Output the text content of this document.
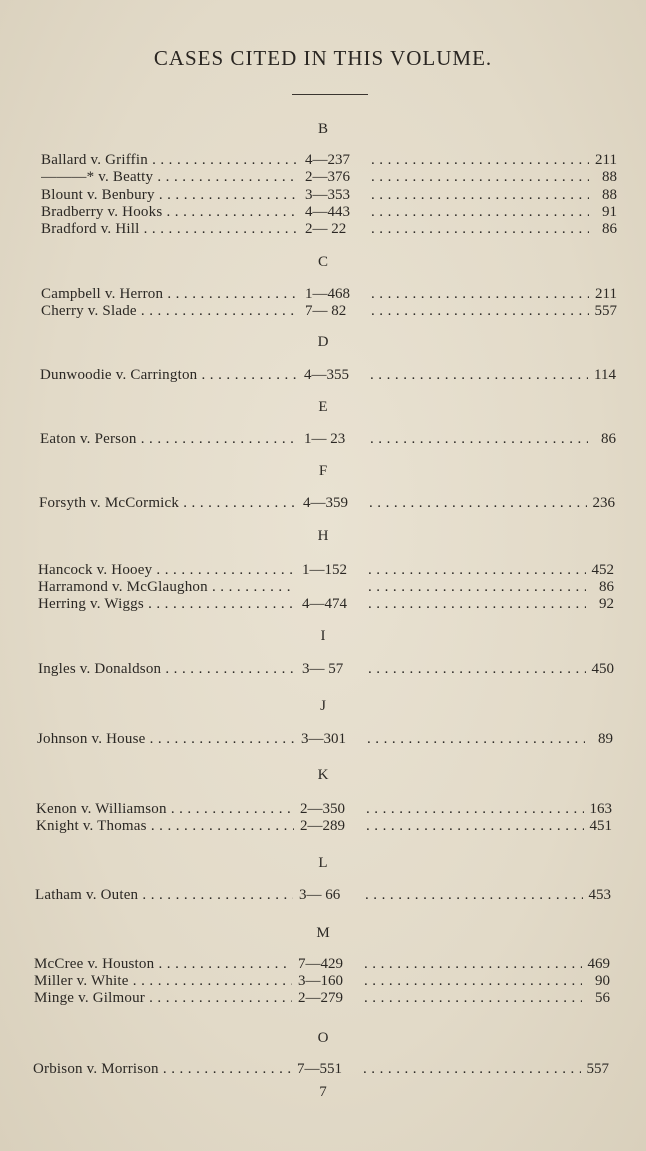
CASES CITED IN THIS VOLUME.
B
Ballard v. Griffin . . .	4—237 . . .	211
———* v. Beatty . . .	2—376 . . .	88
Blount v. Benbury . . .	3—353 . . .	88
Bradberry v. Hooks . . .	4—443 . . .	91
Bradford v. Hill . . .	2— 22 . . .	86
C
Campbell v. Herron . . .	1—468 . . .	211
Cherry v. Slade . . .	7— 82 . . .	557
D
Dunwoodie v. Carrington . . .	4—355 . . .	114
E
Eaton v. Person . . .	1— 23 . . .	86
F
Forsyth v. McCormick . . .	4—359 . . .	236
H
Hancock v. Hooey . . .	1—152 . . .	452
Harramond v. McGlaughon . . . . . .	86
Herring v. Wiggs . . .	4—474 . . .	92
I
Ingles v. Donaldson . . .	3— 57 . . .	450
J
Johnson v. House . . .	3—301 . . .	89
K
Kenon v. Williamson . . .	2—350 . . .	163
Knight v. Thomas . . .	2—289 . . .	451
L
Latham v. Outen . . .	3— 66 . . .	453
M
McCree v. Houston . . .	7—429 . . .	469
Miller v. White . . .	3—160 . . .	90
Minge v. Gilmour . . .	2—279 . . .	56
O
Orbison v. Morrison . . .	7—551 . . .	557
7
